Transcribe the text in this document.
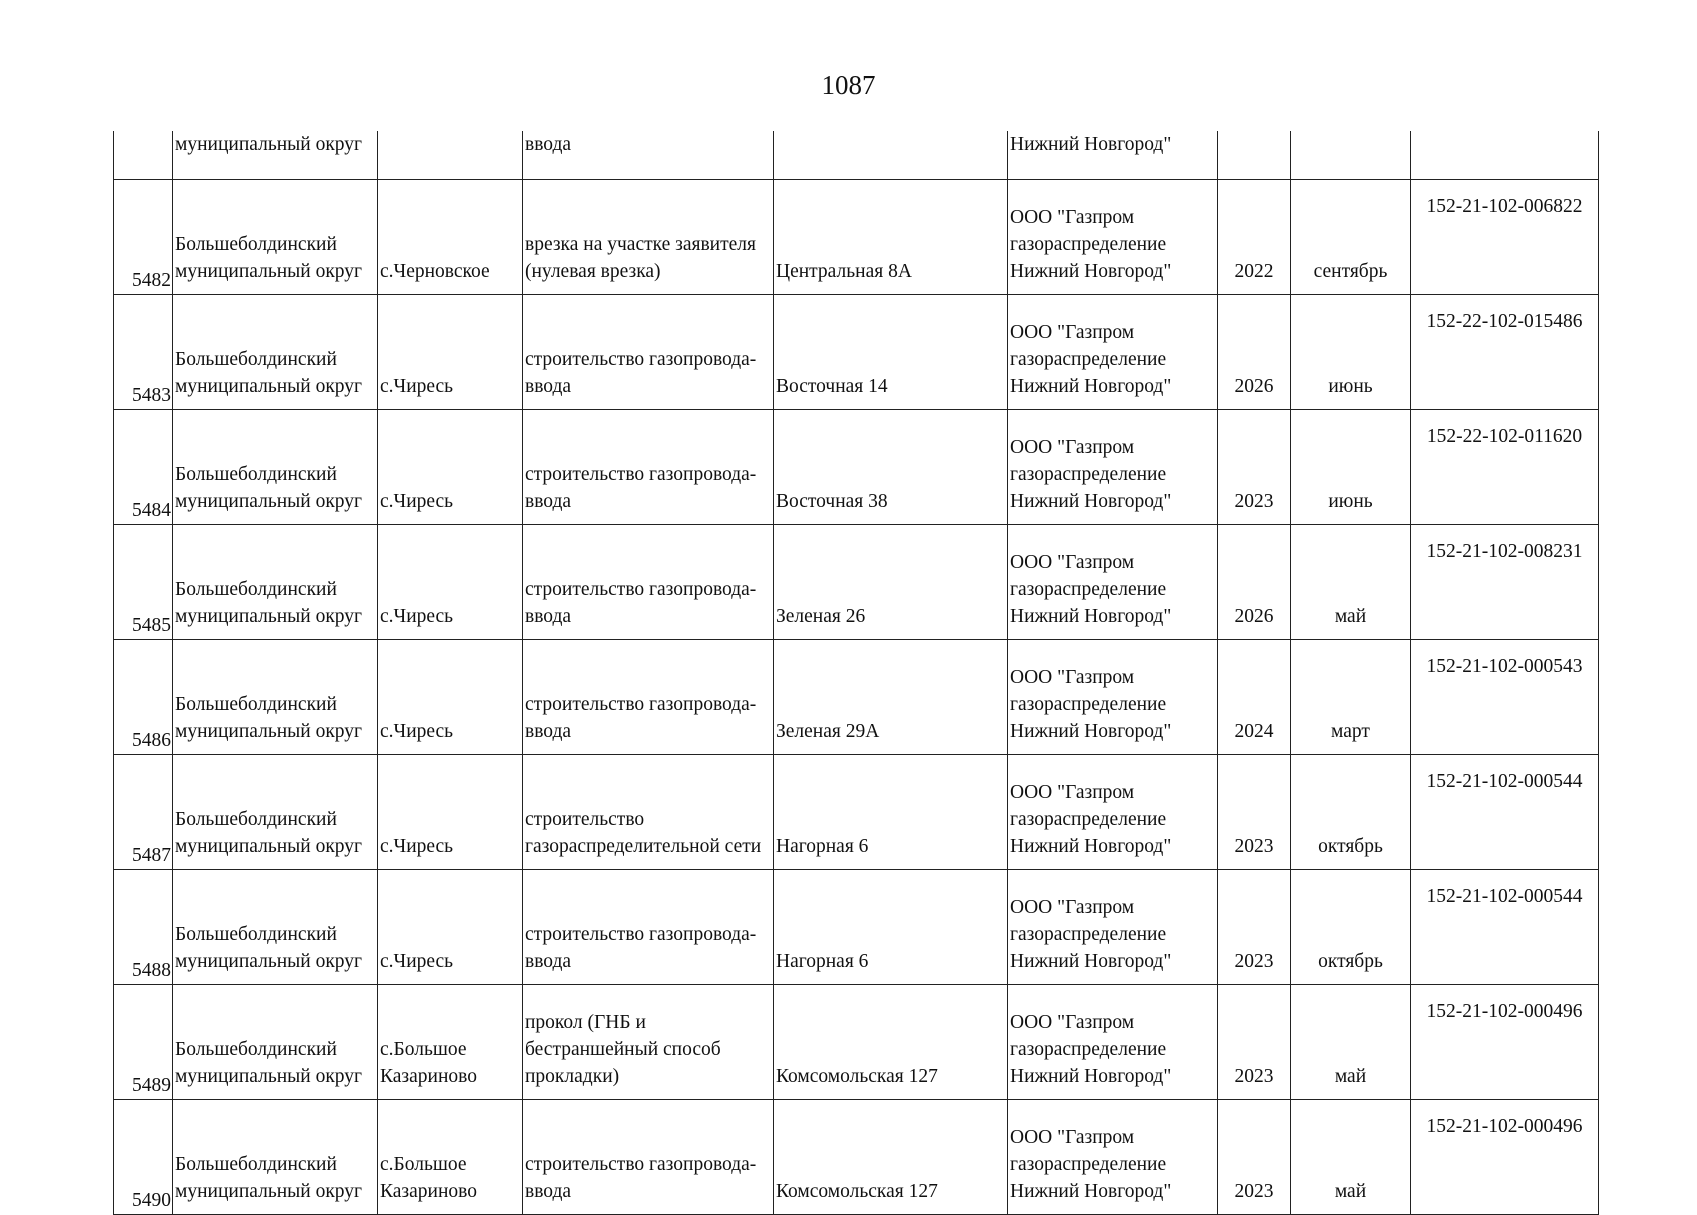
1087
	муниципальный округ		ввода		Нижний Новгород"			
5482	Большеболдинский
муниципальный округ	с.Черновское	врезка на участке заявителя
(нулевая врезка)	Центральная 8А	ООО "Газпром
газораспределение
Нижний Новгород"	2022	сентябрь	152-21-102-006822
5483	Большеболдинский
муниципальный округ	с.Чиресь	строительство газопровода-
ввода	Восточная 14	ООО "Газпром
газораспределение
Нижний Новгород"	2026	июнь	152-22-102-015486
5484	Большеболдинский
муниципальный округ	с.Чиресь	строительство газопровода-
ввода	Восточная 38	ООО "Газпром
газораспределение
Нижний Новгород"	2023	июнь	152-22-102-011620
5485	Большеболдинский
муниципальный округ	с.Чиресь	строительство газопровода-
ввода	Зеленая 26	ООО "Газпром
газораспределение
Нижний Новгород"	2026	май	152-21-102-008231
5486	Большеболдинский
муниципальный округ	с.Чиресь	строительство газопровода-
ввода	Зеленая 29А	ООО "Газпром
газораспределение
Нижний Новгород"	2024	март	152-21-102-000543
5487	Большеболдинский
муниципальный округ	с.Чиресь	строительство
газораспределительной сети	Нагорная 6	ООО "Газпром
газораспределение
Нижний Новгород"	2023	октябрь	152-21-102-000544
5488	Большеболдинский
муниципальный округ	с.Чиресь	строительство газопровода-
ввода	Нагорная 6	ООО "Газпром
газораспределение
Нижний Новгород"	2023	октябрь	152-21-102-000544
5489	Большеболдинский
муниципальный округ	с.Большое
Казариново	прокол (ГНБ и
бестраншейный способ
прокладки)	Комсомольская 127	ООО "Газпром
газораспределение
Нижний Новгород"	2023	май	152-21-102-000496
5490	Большеболдинский
муниципальный округ	с.Большое
Казариново	строительство газопровода-
ввода	Комсомольская 127	ООО "Газпром
газораспределение
Нижний Новгород"	2023	май	152-21-102-000496
